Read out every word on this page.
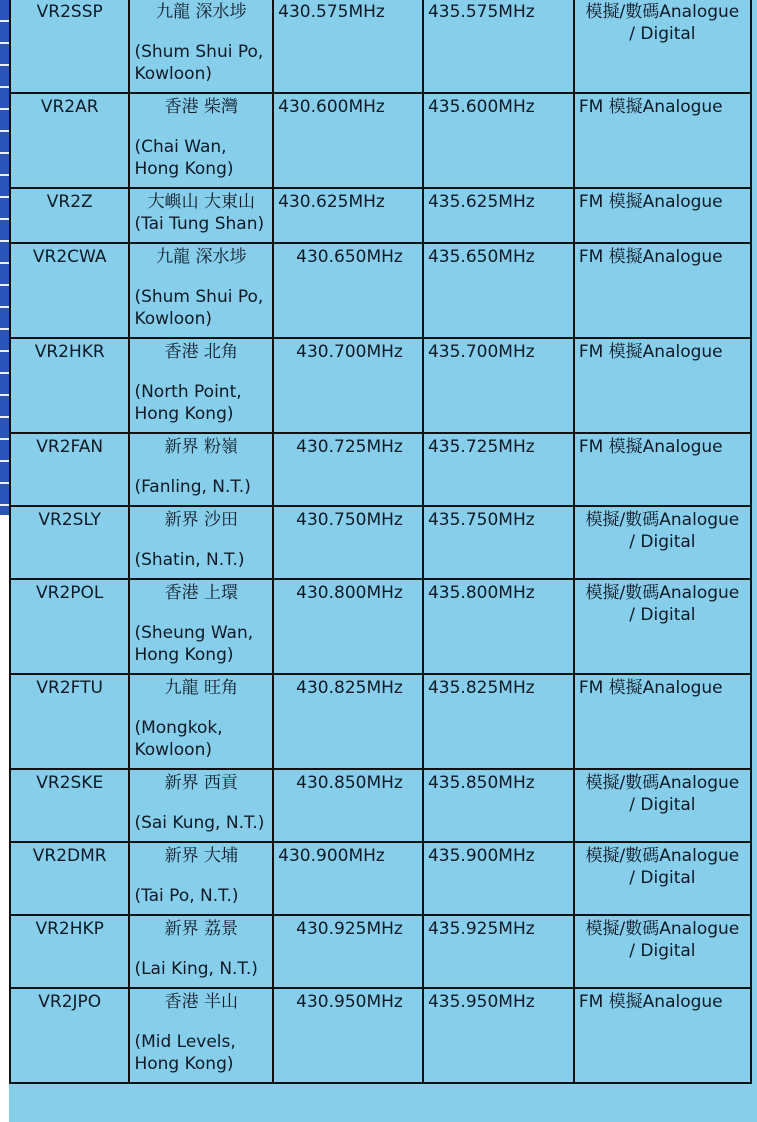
VR2SSP	九龍 深水埗
(Shum Shui Po,
Kowloon)	430.575MHz	435.575MHz	模擬/數碼Analogue
/ Digital
VR2AR	香港 柴灣
(Chai Wan,
Hong Kong)	430.600MHz	435.600MHz	FM 模擬Analogue
VR2Z	大嶼山 大東山
(Tai Tung Shan)	430.625MHz	435.625MHz	FM 模擬Analogue
VR2CWA	九龍 深水埗
(Shum Shui Po,
Kowloon)	430.650MHz	435.650MHz	FM 模擬Analogue
VR2HKR	香港 北角
(North Point,
Hong Kong)	430.700MHz	435.700MHz	FM 模擬Analogue
VR2FAN	新界 粉嶺
(Fanling, N.T.)	430.725MHz	435.725MHz	FM 模擬Analogue
VR2SLY	新界 沙田
(Shatin, N.T.)	430.750MHz	435.750MHz	模擬/數碼Analogue
/ Digital
VR2POL	香港 上環
(Sheung Wan,
Hong Kong)	430.800MHz	435.800MHz	模擬/數碼Analogue
/ Digital
VR2FTU	九龍 旺角
(Mongkok,
Kowloon)	430.825MHz	435.825MHz	FM 模擬Analogue
VR2SKE	新界 西貢
(Sai Kung, N.T.)	430.850MHz	435.850MHz	模擬/數碼Analogue
/ Digital
VR2DMR	新界 大埔
(Tai Po, N.T.)	430.900MHz	435.900MHz	模擬/數碼Analogue
/ Digital
VR2HKP	新界 荔景
(Lai King, N.T.)	430.925MHz	435.925MHz	模擬/數碼Analogue
/ Digital
VR2JPO	香港 半山
(Mid Levels,
Hong Kong)	430.950MHz	435.950MHz	FM 模擬Analogue
